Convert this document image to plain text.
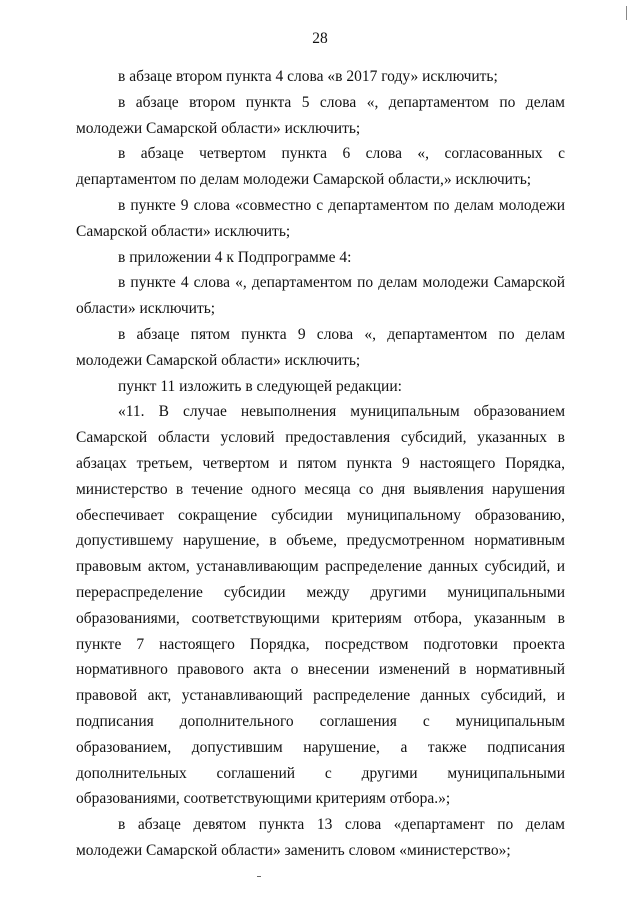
28

в абзаце втором пункта 4 слова «в 2017 году» исключить;

в абзаце втором пункта 5 слова «, департаментом по делам молодежи Самарской области» исключить;

в абзаце четвертом пункта 6 слова «, согласованных с департаментом по делам молодежи Самарской области,» исключить;

в пункте 9 слова «совместно с департаментом по делам молодежи Самарской области» исключить;

в приложении 4 к Подпрограмме 4:

в пункте 4 слова «, департаментом по делам молодежи Самарской области» исключить;

в абзаце пятом пункта 9 слова «, департаментом по делам молодежи Самарской области» исключить;

пункт 11 изложить в следующей редакции:

«11. В случае невыполнения муниципальным образованием Самарской области условий предоставления субсидий, указанных в абзацах третьем, четвертом и пятом пункта 9 настоящего Порядка, министерство в течение одного месяца со дня выявления нарушения обеспечивает сокращение субсидии муниципальному образованию, допустившему нарушение, в объеме, предусмотренном нормативным правовым актом, устанавливающим распределение данных субсидий, и перераспределение субсидии между другими муниципальными образованиями, соответствующими критериям отбора, указанным в пункте 7 настоящего Порядка, посредством подготовки проекта нормативного правового акта о внесении изменений в нормативный правовой акт, устанавливающий распределение данных субсидий, и подписания дополнительного соглашения с муниципальным образованием, допустившим нарушение, а также подписания дополнительных соглашений с другими муниципальными образованиями, соответствующими критериям отбора.»;

в абзаце девятом пункта 13 слова «департамент по делам молодежи Самарской области» заменить словом «министерство»;
